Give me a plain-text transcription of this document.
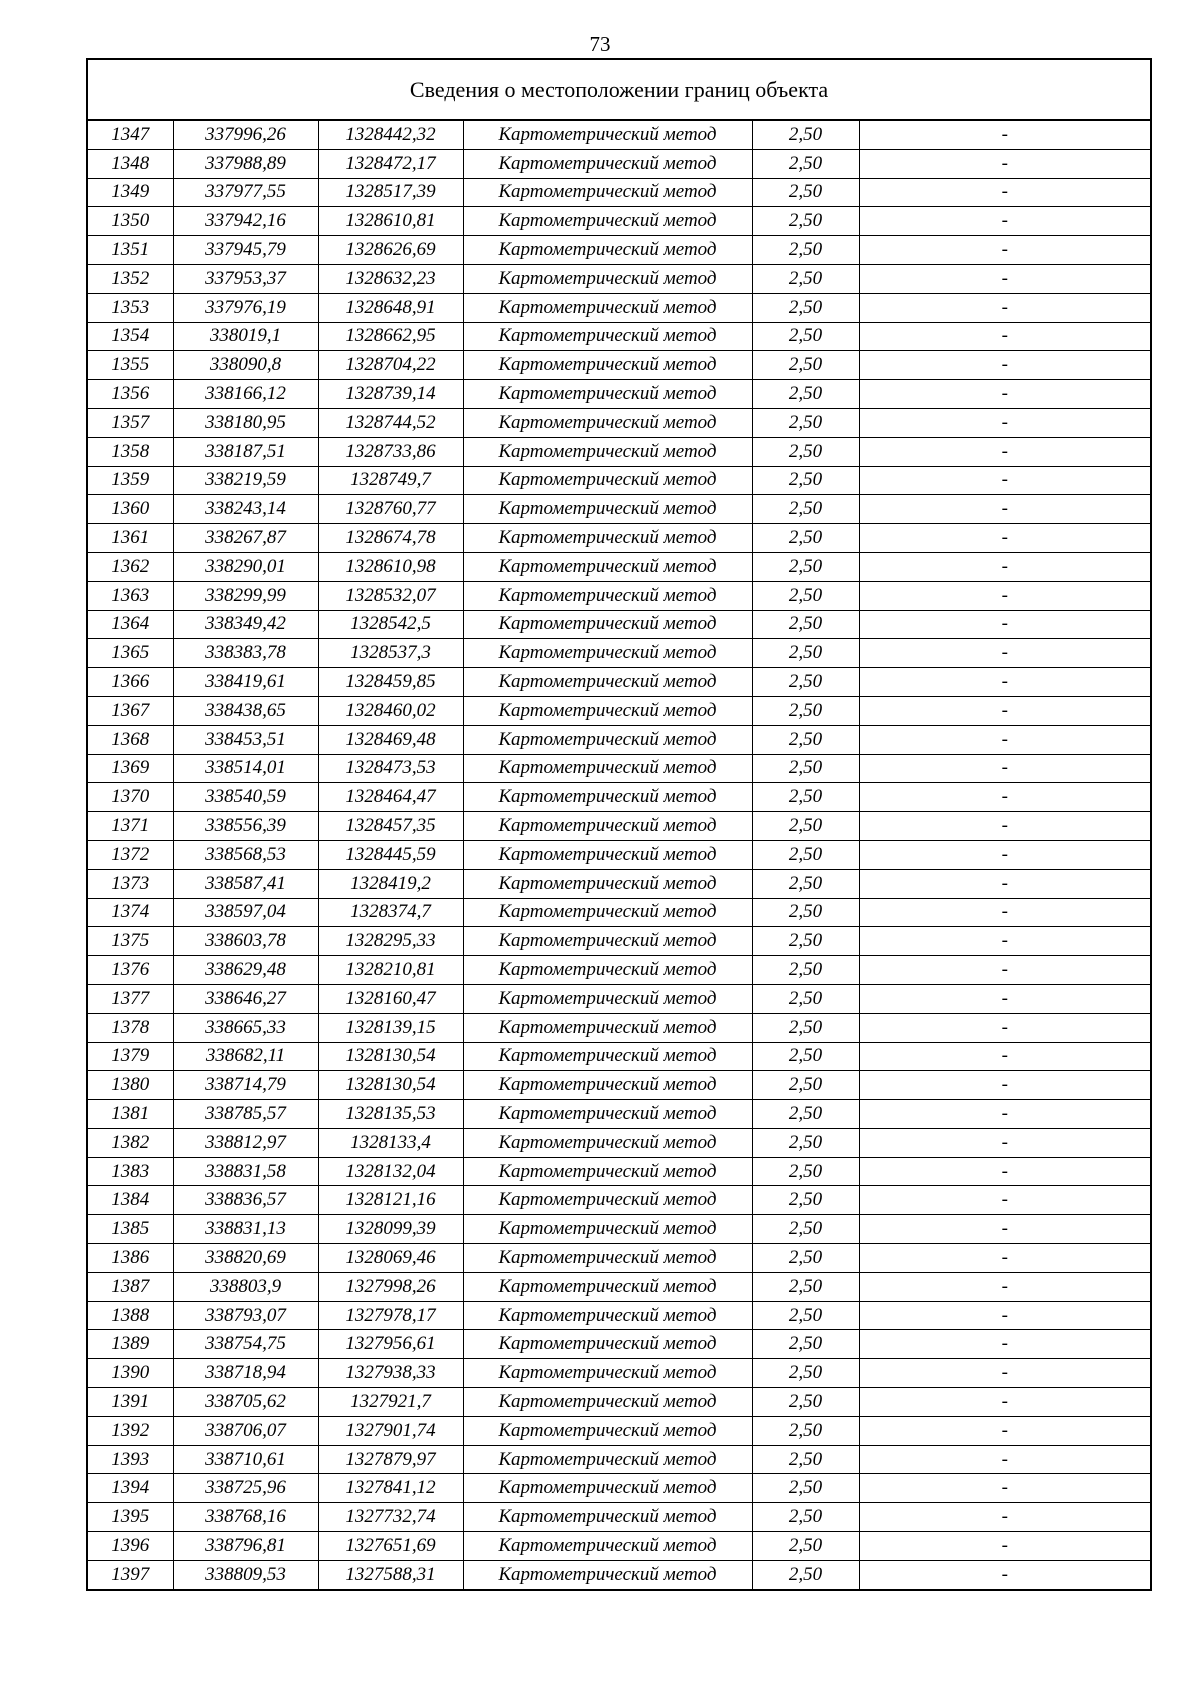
73
Сведения о местоположении границ объекта					
1347	337996,26	1328442,32	Картометрический метод	2,50	-
1348	337988,89	1328472,17	Картометрический метод	2,50	-
1349	337977,55	1328517,39	Картометрический метод	2,50	-
1350	337942,16	1328610,81	Картометрический метод	2,50	-
1351	337945,79	1328626,69	Картометрический метод	2,50	-
1352	337953,37	1328632,23	Картометрический метод	2,50	-
1353	337976,19	1328648,91	Картометрический метод	2,50	-
1354	338019,1	1328662,95	Картометрический метод	2,50	-
1355	338090,8	1328704,22	Картометрический метод	2,50	-
1356	338166,12	1328739,14	Картометрический метод	2,50	-
1357	338180,95	1328744,52	Картометрический метод	2,50	-
1358	338187,51	1328733,86	Картометрический метод	2,50	-
1359	338219,59	1328749,7	Картометрический метод	2,50	-
1360	338243,14	1328760,77	Картометрический метод	2,50	-
1361	338267,87	1328674,78	Картометрический метод	2,50	-
1362	338290,01	1328610,98	Картометрический метод	2,50	-
1363	338299,99	1328532,07	Картометрический метод	2,50	-
1364	338349,42	1328542,5	Картометрический метод	2,50	-
1365	338383,78	1328537,3	Картометрический метод	2,50	-
1366	338419,61	1328459,85	Картометрический метод	2,50	-
1367	338438,65	1328460,02	Картометрический метод	2,50	-
1368	338453,51	1328469,48	Картометрический метод	2,50	-
1369	338514,01	1328473,53	Картометрический метод	2,50	-
1370	338540,59	1328464,47	Картометрический метод	2,50	-
1371	338556,39	1328457,35	Картометрический метод	2,50	-
1372	338568,53	1328445,59	Картометрический метод	2,50	-
1373	338587,41	1328419,2	Картометрический метод	2,50	-
1374	338597,04	1328374,7	Картометрический метод	2,50	-
1375	338603,78	1328295,33	Картометрический метод	2,50	-
1376	338629,48	1328210,81	Картометрический метод	2,50	-
1377	338646,27	1328160,47	Картометрический метод	2,50	-
1378	338665,33	1328139,15	Картометрический метод	2,50	-
1379	338682,11	1328130,54	Картометрический метод	2,50	-
1380	338714,79	1328130,54	Картометрический метод	2,50	-
1381	338785,57	1328135,53	Картометрический метод	2,50	-
1382	338812,97	1328133,4	Картометрический метод	2,50	-
1383	338831,58	1328132,04	Картометрический метод	2,50	-
1384	338836,57	1328121,16	Картометрический метод	2,50	-
1385	338831,13	1328099,39	Картометрический метод	2,50	-
1386	338820,69	1328069,46	Картометрический метод	2,50	-
1387	338803,9	1327998,26	Картометрический метод	2,50	-
1388	338793,07	1327978,17	Картометрический метод	2,50	-
1389	338754,75	1327956,61	Картометрический метод	2,50	-
1390	338718,94	1327938,33	Картометрический метод	2,50	-
1391	338705,62	1327921,7	Картометрический метод	2,50	-
1392	338706,07	1327901,74	Картометрический метод	2,50	-
1393	338710,61	1327879,97	Картометрический метод	2,50	-
1394	338725,96	1327841,12	Картометрический метод	2,50	-
1395	338768,16	1327732,74	Картометрический метод	2,50	-
1396	338796,81	1327651,69	Картометрический метод	2,50	-
1397	338809,53	1327588,31	Картометрический метод	2,50	-
